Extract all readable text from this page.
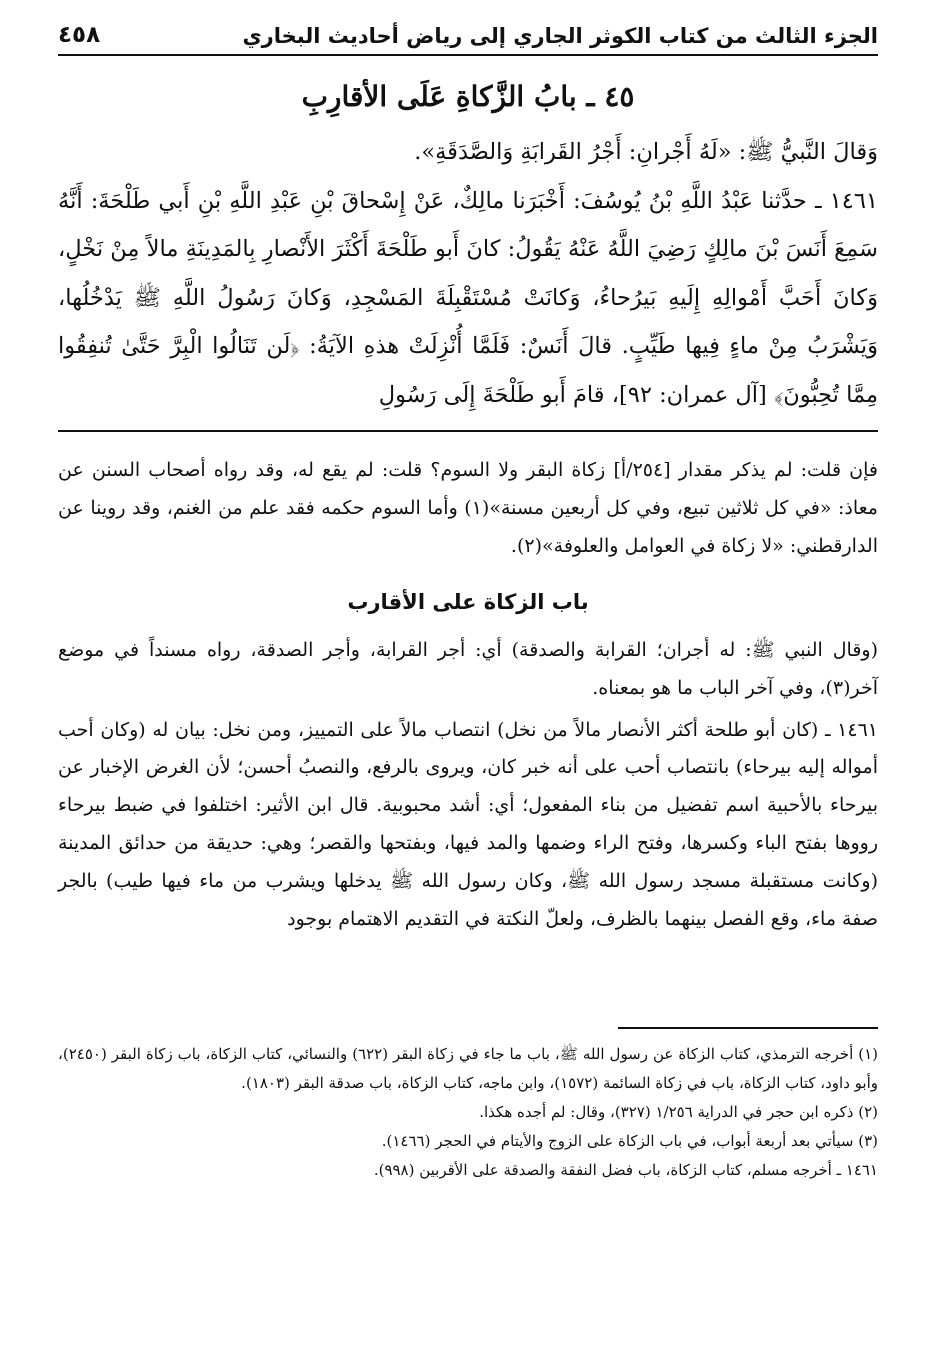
الجزء الثالث من كتاب الكوثر الجاري إلى رياض أحاديث البخاري
٤٥٨
٤٥ ـ بابُ الزَّكاةِ عَلَى الأقارِبِ

وَقالَ النَّبيُّ ﷺ: «لَهُ أَجْرانِ: أَجْرُ القَرابَةِ وَالصَّدَقَةِ».

١٤٦١ ـ حدَّثنا عَبْدُ اللَّهِ بْنُ يُوسُفَ: أَخْبَرَنا مالِكٌ، عَنْ إِسْحاقَ بْنِ عَبْدِ اللَّهِ بْنِ أَبي طَلْحَةَ: أَنَّهُ سَمِعَ أَنَسَ بْنَ مالِكٍ رَضِيَ اللَّهُ عَنْهُ يَقُولُ: كانَ أَبو طَلْحَةَ أَكْثَرَ الأَنْصارِ بِالمَدِينَةِ مالاً مِنْ نَخْلٍ، وَكانَ أَحَبَّ أَمْوالِهِ إِلَيهِ بَيرُحاءُ، وَكانَتْ مُسْتَقْبِلَةَ المَسْجِدِ، وَكانَ رَسُولُ اللَّهِ ﷺ يَدْخُلُها، وَيَشْرَبُ مِنْ ماءٍ فِيها طَيِّبٍ. قالَ أَنَسٌ: فَلَمَّا أُنْزِلَتْ هذهِ الآيَةُ: ﴿لَن تَنَالُوا الْبِرَّ حَتَّىٰ تُنفِقُوا مِمَّا تُحِبُّونَ﴾ [آل عمران: ٩٢]، قامَ أَبو طَلْحَةَ إِلَى رَسُولِ

فإن قلت: لم يذكر مقدار [٢٥٤/أ] زكاة البقر ولا السوم؟ قلت: لم يقع له، وقد رواه أصحاب السنن عن معاذ: «في كل ثلاثين تبيع، وفي كل أربعين مسنة»(١) وأما السوم حكمه فقد علم من الغنم، وقد روينا عن الدارقطني: «لا زكاة في العوامل والعلوفة»(٢).
باب الزكاة على الأقارب

(وقال النبي ﷺ: له أجران؛ القرابة والصدقة) أي: أجر القرابة، وأجر الصدقة، رواه مسنداً في موضع آخر(٣)، وفي آخر الباب ما هو بمعناه.

١٤٦١ ـ (كان أبو طلحة أكثر الأنصار مالاً من نخل) انتصاب مالاً على التمييز، ومن نخل: بيان له (وكان أحب أمواله إليه بيرحاء) بانتصاب أحب على أنه خبر كان، ويروى بالرفع، والنصبُ أحسن؛ لأن الغرض الإخبار عن بيرحاء بالأحبية اسم تفضيل من بناء المفعول؛ أي: أشد محبوبية. قال ابن الأثير: اختلفوا في ضبط بيرحاء رووها بفتح الباء وكسرها، وفتح الراء وضمها والمد فيها، وبفتحها والقصر؛ وهي: حديقة من حدائق المدينة (وكانت مستقبلة مسجد رسول الله ﷺ، وكان رسول الله ﷺ يدخلها ويشرب من ماء فيها طيب) بالجر صفة ماء، وقع الفصل بينهما بالظرف، ولعلّ النكتة في التقديم الاهتمام بوجود

(١) أخرجه الترمذي، كتاب الزكاة عن رسول الله ﷺ، باب ما جاء في زكاة البقر (٦٢٢) والنسائي، كتاب الزكاة، باب زكاة البقر (٢٤٥٠)، وأبو داود، كتاب الزكاة، باب في زكاة السائمة (١٥٧٢)، وابن ماجه، كتاب الزكاة، باب صدقة البقر (١٨٠٣).

(٢) ذكره ابن حجر في الدراية ١/٢٥٦ (٣٢٧)، وقال: لم أجده هكذا.

(٣) سيأتي بعد أربعة أبواب، في باب الزكاة على الزوج والأيتام في الحجر (١٤٦٦).

١٤٦١ ـ أخرجه مسلم، كتاب الزكاة، باب فضل النفقة والصدقة على الأقربين (٩٩٨).
